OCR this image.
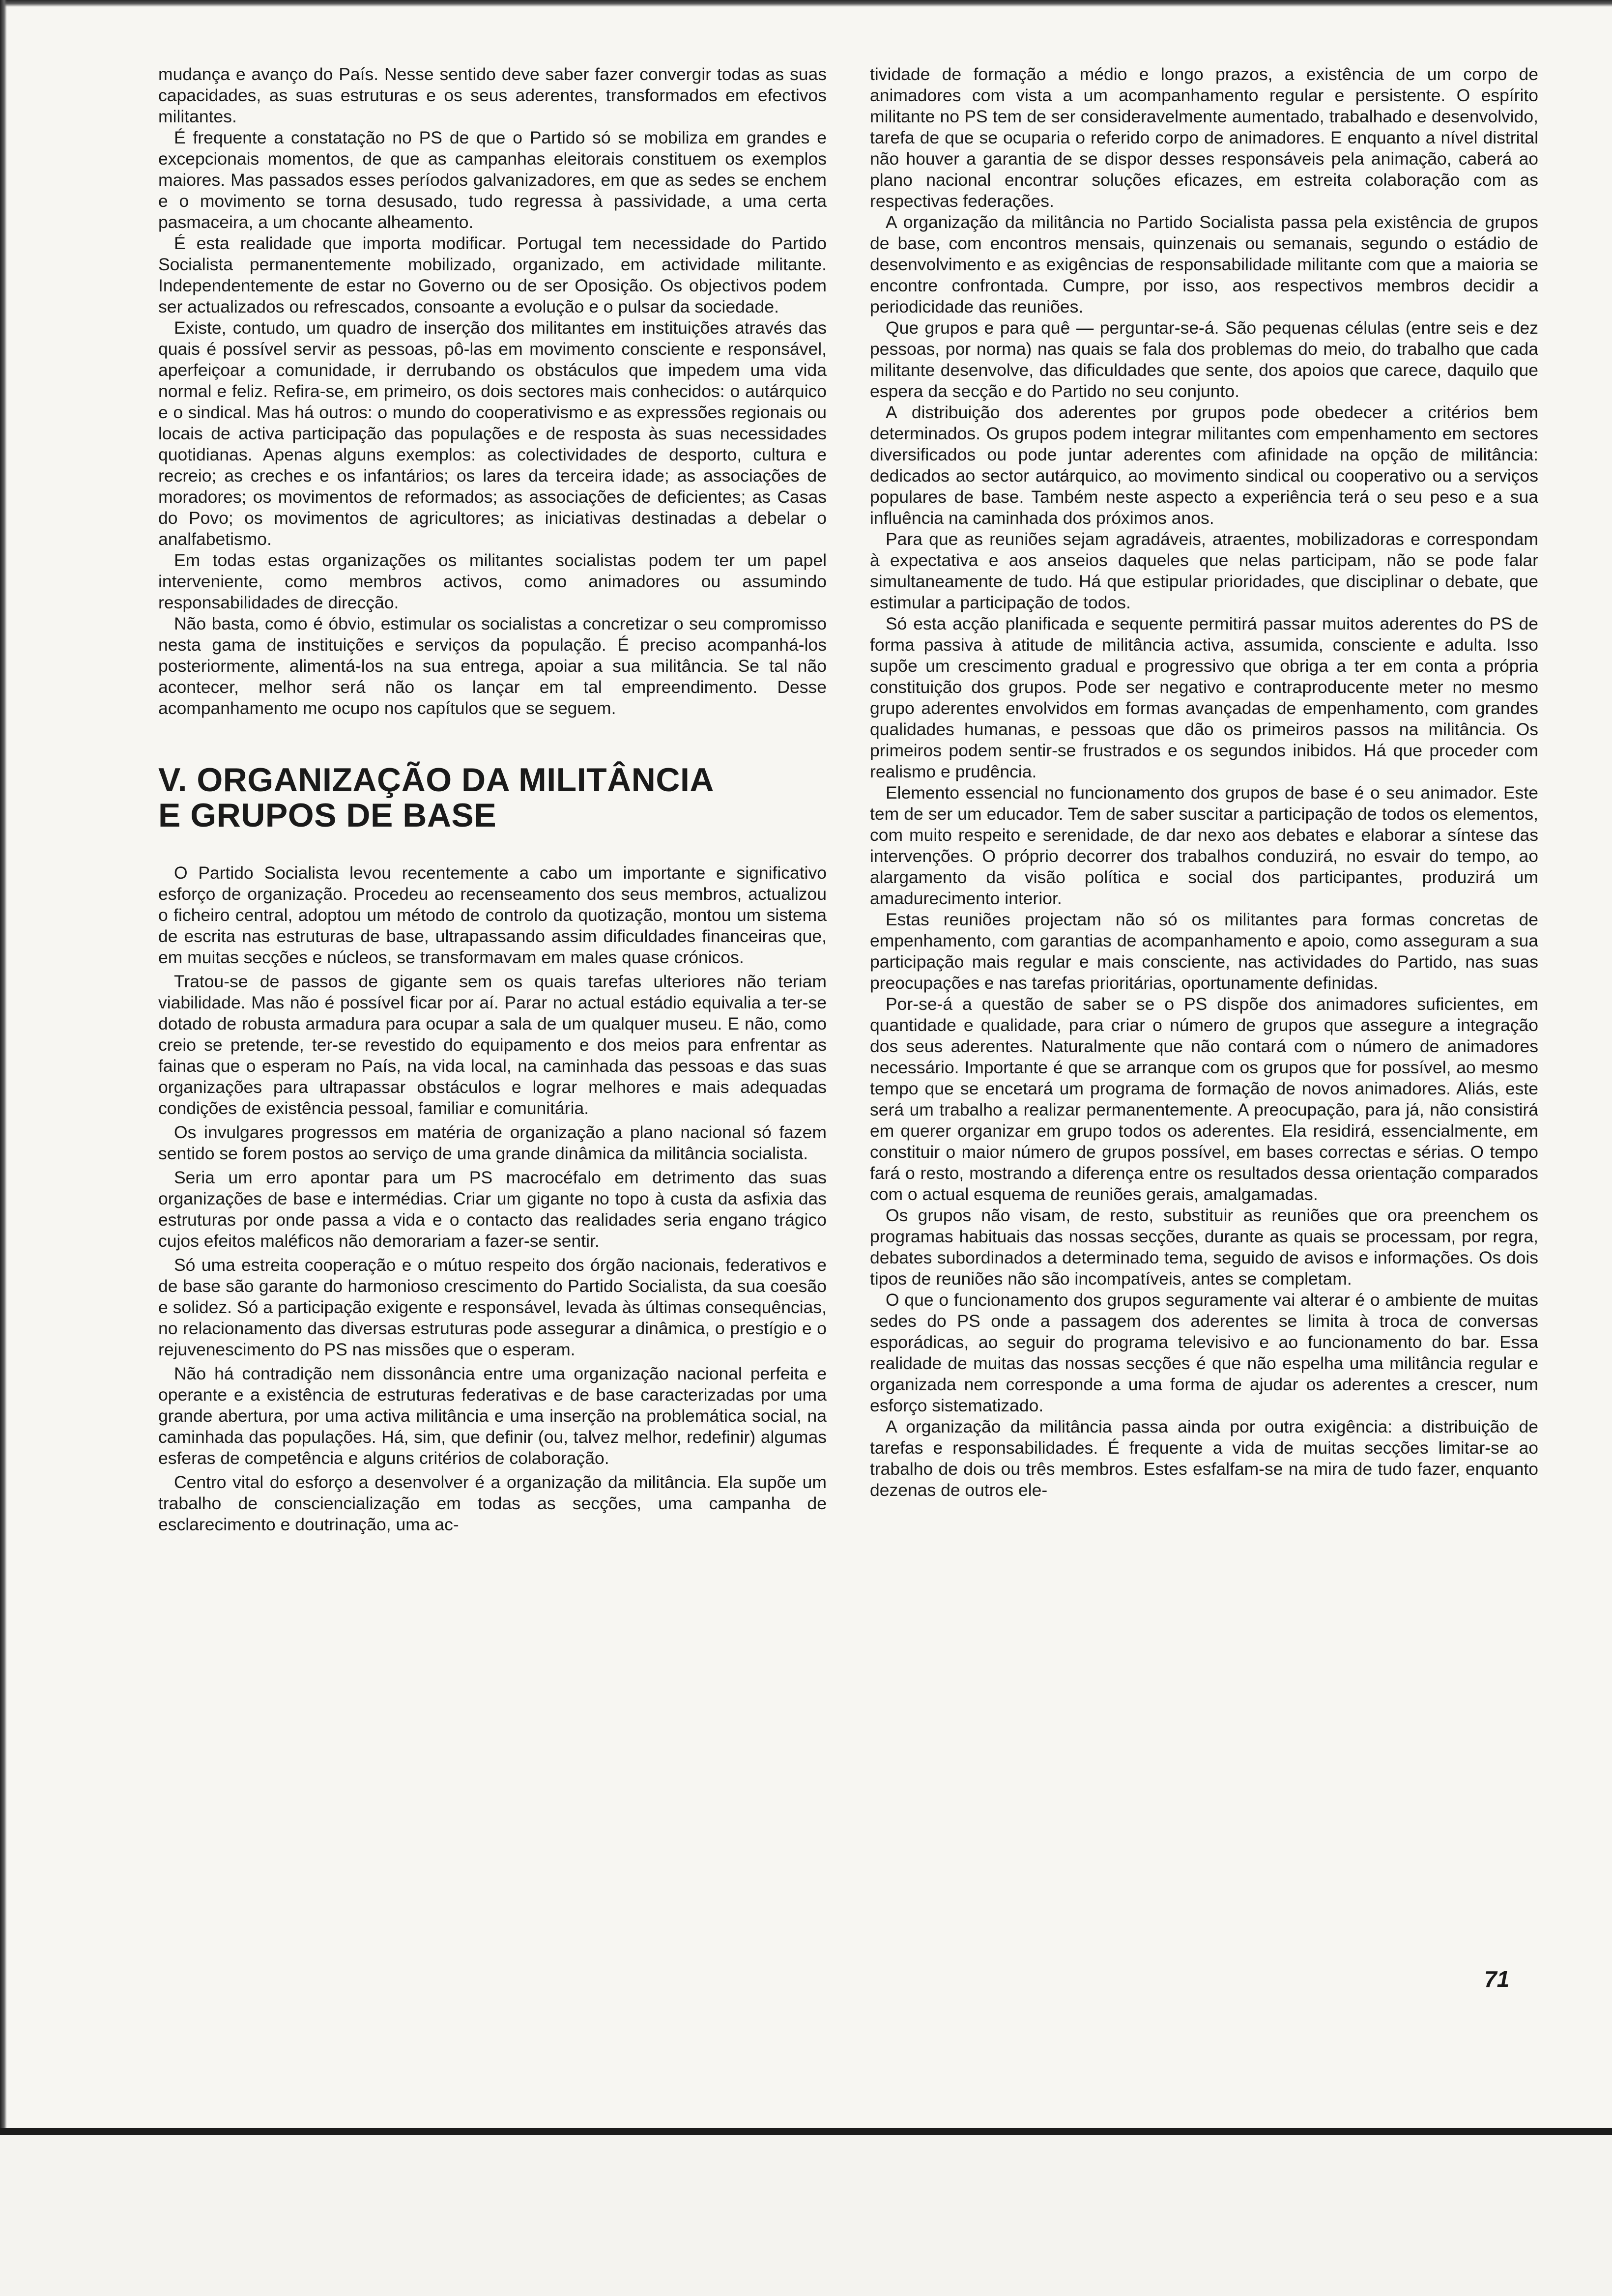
mudança e avanço do País. Nesse sentido deve saber fazer convergir todas as suas capacidades, as suas estruturas e os seus aderentes, transformados em efectivos militantes.

É frequente a constatação no PS de que o Partido só se mobiliza em grandes e excepcionais momentos, de que as campanhas eleitorais constituem os exemplos maiores. Mas passados esses períodos galvanizadores, em que as sedes se enchem e o movimento se torna desusado, tudo regressa à passividade, a uma certa pasmaceira, a um chocante alheamento.

É esta realidade que importa modificar. Portugal tem necessidade do Partido Socialista permanentemente mobilizado, organizado, em actividade militante. Independentemente de estar no Governo ou de ser Oposição. Os objectivos podem ser actualizados ou refrescados, consoante a evolução e o pulsar da sociedade.

Existe, contudo, um quadro de inserção dos militantes em instituições através das quais é possível servir as pessoas, pô-las em movimento consciente e responsável, aperfeiçoar a comunidade, ir derrubando os obstáculos que impedem uma vida normal e feliz. Refira-se, em primeiro, os dois sectores mais conhecidos: o autárquico e o sindical. Mas há outros: o mundo do cooperativismo e as expressões regionais ou locais de activa participação das populações e de resposta às suas necessidades quotidianas. Apenas alguns exemplos: as colectividades de desporto, cultura e recreio; as creches e os infantários; os lares da terceira idade; as associações de moradores; os movimentos de reformados; as associações de deficientes; as Casas do Povo; os movimentos de agricultores; as iniciativas destinadas a debelar o analfabetismo.

Em todas estas organizações os militantes socialistas podem ter um papel interveniente, como membros activos, como animadores ou assumindo responsabilidades de direcção.

Não basta, como é óbvio, estimular os socialistas a concretizar o seu compromisso nesta gama de instituições e serviços da população. É preciso acompanhá-los posteriormente, alimentá-los na sua entrega, apoiar a sua militância. Se tal não acontecer, melhor será não os lançar em tal empreendimento. Desse acompanhamento me ocupo nos capítulos que se seguem.

V. ORGANIZAÇÃO DA MILITÂNCIA
E GRUPOS DE BASE

O Partido Socialista levou recentemente a cabo um importante e significativo esforço de organização. Procedeu ao recenseamento dos seus membros, actualizou o ficheiro central, adoptou um método de controlo da quotização, montou um sistema de escrita nas estruturas de base, ultrapassando assim dificuldades financeiras que, em muitas secções e núcleos, se transformavam em males quase crónicos.

Tratou-se de passos de gigante sem os quais tarefas ulteriores não teriam viabilidade. Mas não é possível ficar por aí. Parar no actual estádio equivalia a ter-se dotado de robusta armadura para ocupar a sala de um qualquer museu. E não, como creio se pretende, ter-se revestido do equipamento e dos meios para enfrentar as fainas que o esperam no País, na vida local, na caminhada das pessoas e das suas organizações para ultrapassar obstáculos e lograr melhores e mais adequadas condições de existência pessoal, familiar e comunitária.

Os invulgares progressos em matéria de organização a plano nacional só fazem sentido se forem postos ao serviço de uma grande dinâmica da militância socialista.

Seria um erro apontar para um PS macrocéfalo em detrimento das suas organizações de base e intermédias. Criar um gigante no topo à custa da asfixia das estruturas por onde passa a vida e o contacto das realidades seria engano trágico cujos efeitos maléficos não demorariam a fazer-se sentir.

Só uma estreita cooperação e o mútuo respeito dos órgão nacionais, federativos e de base são garante do harmonioso crescimento do Partido Socialista, da sua coesão e solidez. Só a participação exigente e responsável, levada às últimas consequências, no relacionamento das diversas estruturas pode assegurar a dinâmica, o prestígio e o rejuvenescimento do PS nas missões que o esperam.

Não há contradição nem dissonância entre uma organização nacional perfeita e operante e a existência de estruturas federativas e de base caracterizadas por uma grande abertura, por uma activa militância e uma inserção na problemática social, na caminhada das populações. Há, sim, que definir (ou, talvez melhor, redefinir) algumas esferas de competência e alguns critérios de colaboração.

Centro vital do esforço a desenvolver é a organização da militância. Ela supõe um trabalho de consciencialização em todas as secções, uma campanha de esclarecimento e doutrinação, uma ac-

tividade de formação a médio e longo prazos, a existência de um corpo de animadores com vista a um acompanhamento regular e persistente. O espírito militante no PS tem de ser consideravelmente aumentado, trabalhado e desenvolvido, tarefa de que se ocuparia o referido corpo de animadores. E enquanto a nível distrital não houver a garantia de se dispor desses responsáveis pela animação, caberá ao plano nacional encontrar soluções eficazes, em estreita colaboração com as respectivas federações.

A organização da militância no Partido Socialista passa pela existência de grupos de base, com encontros mensais, quinzenais ou semanais, segundo o estádio de desenvolvimento e as exigências de responsabilidade militante com que a maioria se encontre confrontada. Cumpre, por isso, aos respectivos membros decidir a periodicidade das reuniões.

Que grupos e para quê — perguntar-se-á. São pequenas células (entre seis e dez pessoas, por norma) nas quais se fala dos problemas do meio, do trabalho que cada militante desenvolve, das dificuldades que sente, dos apoios que carece, daquilo que espera da secção e do Partido no seu conjunto.

A distribuição dos aderentes por grupos pode obedecer a critérios bem determinados. Os grupos podem integrar militantes com empenhamento em sectores diversificados ou pode juntar aderentes com afinidade na opção de militância: dedicados ao sector autárquico, ao movimento sindical ou cooperativo ou a serviços populares de base. Também neste aspecto a experiência terá o seu peso e a sua influência na caminhada dos próximos anos.

Para que as reuniões sejam agradáveis, atraentes, mobilizadoras e correspondam à expectativa e aos anseios daqueles que nelas participam, não se pode falar simultaneamente de tudo. Há que estipular prioridades, que disciplinar o debate, que estimular a participação de todos.

Só esta acção planificada e sequente permitirá passar muitos aderentes do PS de forma passiva à atitude de militância activa, assumida, consciente e adulta. Isso supõe um crescimento gradual e progressivo que obriga a ter em conta a própria constituição dos grupos. Pode ser negativo e contraproducente meter no mesmo grupo aderentes envolvidos em formas avançadas de empenhamento, com grandes qualidades humanas, e pessoas que dão os primeiros passos na militância. Os primeiros podem sentir-se frustrados e os segundos inibidos. Há que proceder com realismo e prudência.

Elemento essencial no funcionamento dos grupos de base é o seu animador. Este tem de ser um educador. Tem de saber suscitar a participação de todos os elementos, com muito respeito e serenidade, de dar nexo aos debates e elaborar a síntese das intervenções. O próprio decorrer dos trabalhos conduzirá, no esvair do tempo, ao alargamento da visão política e social dos participantes, produzirá um amadurecimento interior.

Estas reuniões projectam não só os militantes para formas concretas de empenhamento, com garantias de acompanhamento e apoio, como asseguram a sua participação mais regular e mais consciente, nas actividades do Partido, nas suas preocupações e nas tarefas prioritárias, oportunamente definidas.

Por-se-á a questão de saber se o PS dispõe dos animadores suficientes, em quantidade e qualidade, para criar o número de grupos que assegure a integração dos seus aderentes. Naturalmente que não contará com o número de animadores necessário. Importante é que se arranque com os grupos que for possível, ao mesmo tempo que se encetará um programa de formação de novos animadores. Aliás, este será um trabalho a realizar permanentemente. A preocupação, para já, não consistirá em querer organizar em grupo todos os aderentes. Ela residirá, essencialmente, em constituir o maior número de grupos possível, em bases correctas e sérias. O tempo fará o resto, mostrando a diferença entre os resultados dessa orientação comparados com o actual esquema de reuniões gerais, amalgamadas.

Os grupos não visam, de resto, substituir as reuniões que ora preenchem os programas habituais das nossas secções, durante as quais se processam, por regra, debates subordinados a determinado tema, seguido de avisos e informações. Os dois tipos de reuniões não são incompatíveis, antes se completam.

O que o funcionamento dos grupos seguramente vai alterar é o ambiente de muitas sedes do PS onde a passagem dos aderentes se limita à troca de conversas esporádicas, ao seguir do programa televisivo e ao funcionamento do bar. Essa realidade de muitas das nossas secções é que não espelha uma militância regular e organizada nem corresponde a uma forma de ajudar os aderentes a crescer, num esforço sistematizado.

A organização da militância passa ainda por outra exigência: a distribuição de tarefas e responsabilidades. É frequente a vida de muitas secções limitar-se ao trabalho de dois ou três membros. Estes esfalfam-se na mira de tudo fazer, enquanto dezenas de outros ele-

71
